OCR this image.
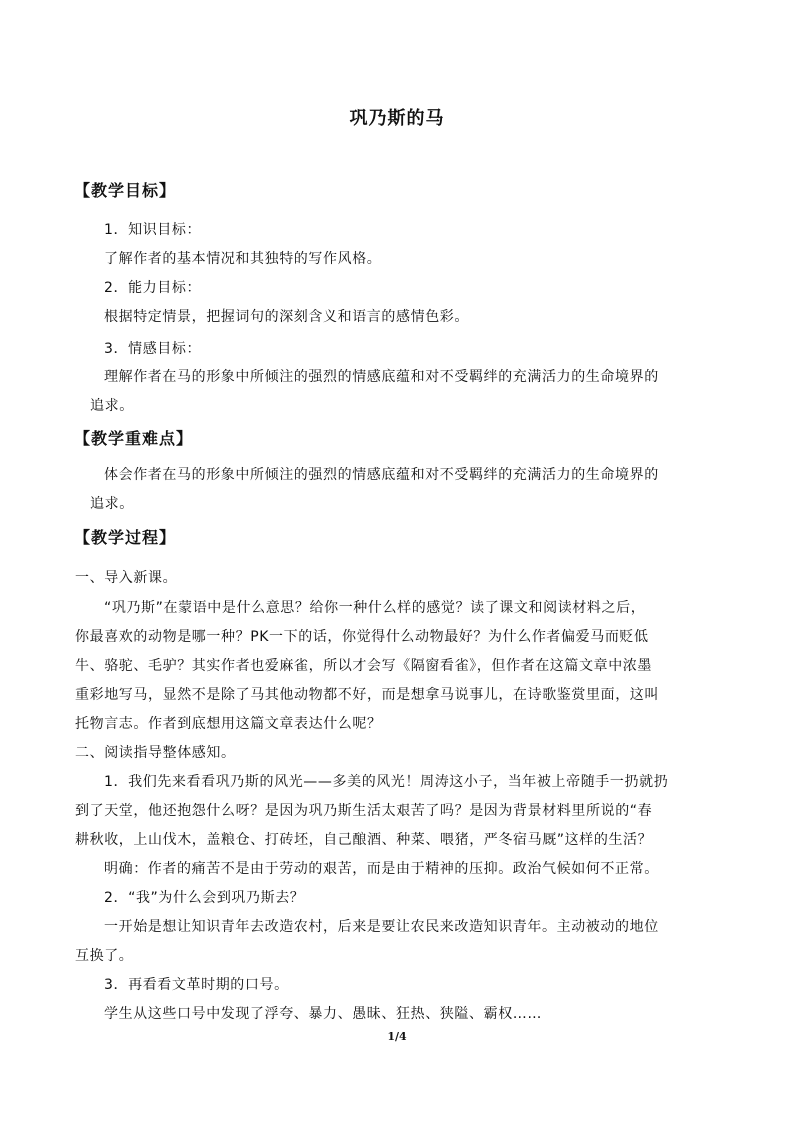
巩乃斯的马
【教学目标】
1．知识目标：
了解作者的基本情况和其独特的写作风格。
2．能力目标：
根据特定情景，把握词句的深刻含义和语言的感情色彩。
3．情感目标：
理解作者在马的形象中所倾注的强烈的情感底蕴和对不受羁绊的充满活力的生命境界的
追求。
【教学重难点】
体会作者在马的形象中所倾注的强烈的情感底蕴和对不受羁绊的充满活力的生命境界的
追求。
【教学过程】
一、导入新课。
“巩乃斯”在蒙语中是什么意思？给你一种什么样的感觉？读了课文和阅读材料之后，
你最喜欢的动物是哪一种？PK一下的话，你觉得什么动物最好？为什么作者偏爱马而贬低
牛、骆驼、毛驴？其实作者也爱麻雀，所以才会写《隔窗看雀》，但作者在这篇文章中浓墨
重彩地写马，显然不是除了马其他动物都不好，而是想拿马说事儿，在诗歌鉴赏里面，这叫
托物言志。作者到底想用这篇文章表达什么呢？
二、阅读指导整体感知。
1．我们先来看看巩乃斯的风光——多美的风光！周涛这小子，当年被上帝随手一扔就扔
到了天堂，他还抱怨什么呀？是因为巩乃斯生活太艰苦了吗？是因为背景材料里所说的“春
耕秋收，上山伐木，盖粮仓、打砖坯，自己酿酒、种菜、喂猪，严冬宿马厩”这样的生活？
明确：作者的痛苦不是由于劳动的艰苦，而是由于精神的压抑。政治气候如何不正常。
2．“我”为什么会到巩乃斯去？
一开始是想让知识青年去改造农村，后来是要让农民来改造知识青年。主动被动的地位
互换了。
3．再看看文革时期的口号。
学生从这些口号中发现了浮夸、暴力、愚昧、狂热、狭隘、霸权……
1/4
